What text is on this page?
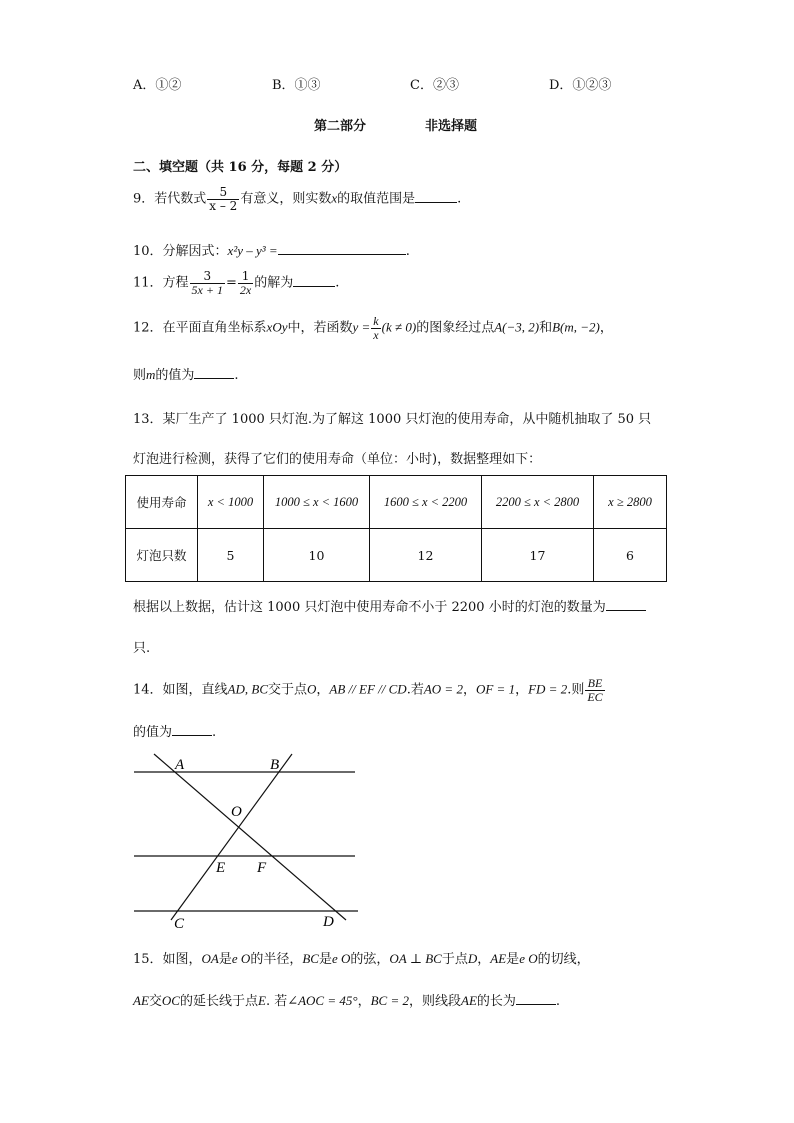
A．①②	B．①③	C．②③	D．①②③
第二部分	非选择题
二、填空题（共 16 分，每题 2 分）
9．若代数式 $\frac{5}{x - 2}$ 有意义，则实数x的取值范围是	.
10．分解因式：x²y – y³ =	.
11．方程 $\frac{3}{5x + 1} = \frac{1}{2x}$ 的解为	.
12．在平面直角坐标系xOy中，若函数$y = \frac{k}{x} (k \ne 0)$的图象经过点A(−3, 2)和B(m, −2)，
则m的值为	.
13．某厂生产了 1000 只灯泡.为了解这 1000 只灯泡的使用寿命，从中随机抽取了 50 只
灯泡进行检测，获得了它们的使用寿命（单位：小时)，数据整理如下：
使用寿命	x < 1000	1000 ≤ x < 1600	1600 ≤ x < 2200	2200 ≤ x < 2800	x ≥ 2800
灯泡只数	5	10	12	17	6
根据以上数据，估计这 1000 只灯泡中使用寿命不小于 2200 小时的灯泡的数量为
只.
14．如图，直线AD, BC交于点O，AB // EF // CD.若AO = 2，OF = 1，FD = 2.则 $\frac{BE}{EC}$
的值为	.
A	B
O
E F
C	D
15．如图，OA是e O的半径，BC是e O的弦，OA ⊥ BC于点D，AE是e O的切线，
AE交OC的延长线于点E. 若∠AOC = 45°，BC = 2，则线段AE的长为	.
